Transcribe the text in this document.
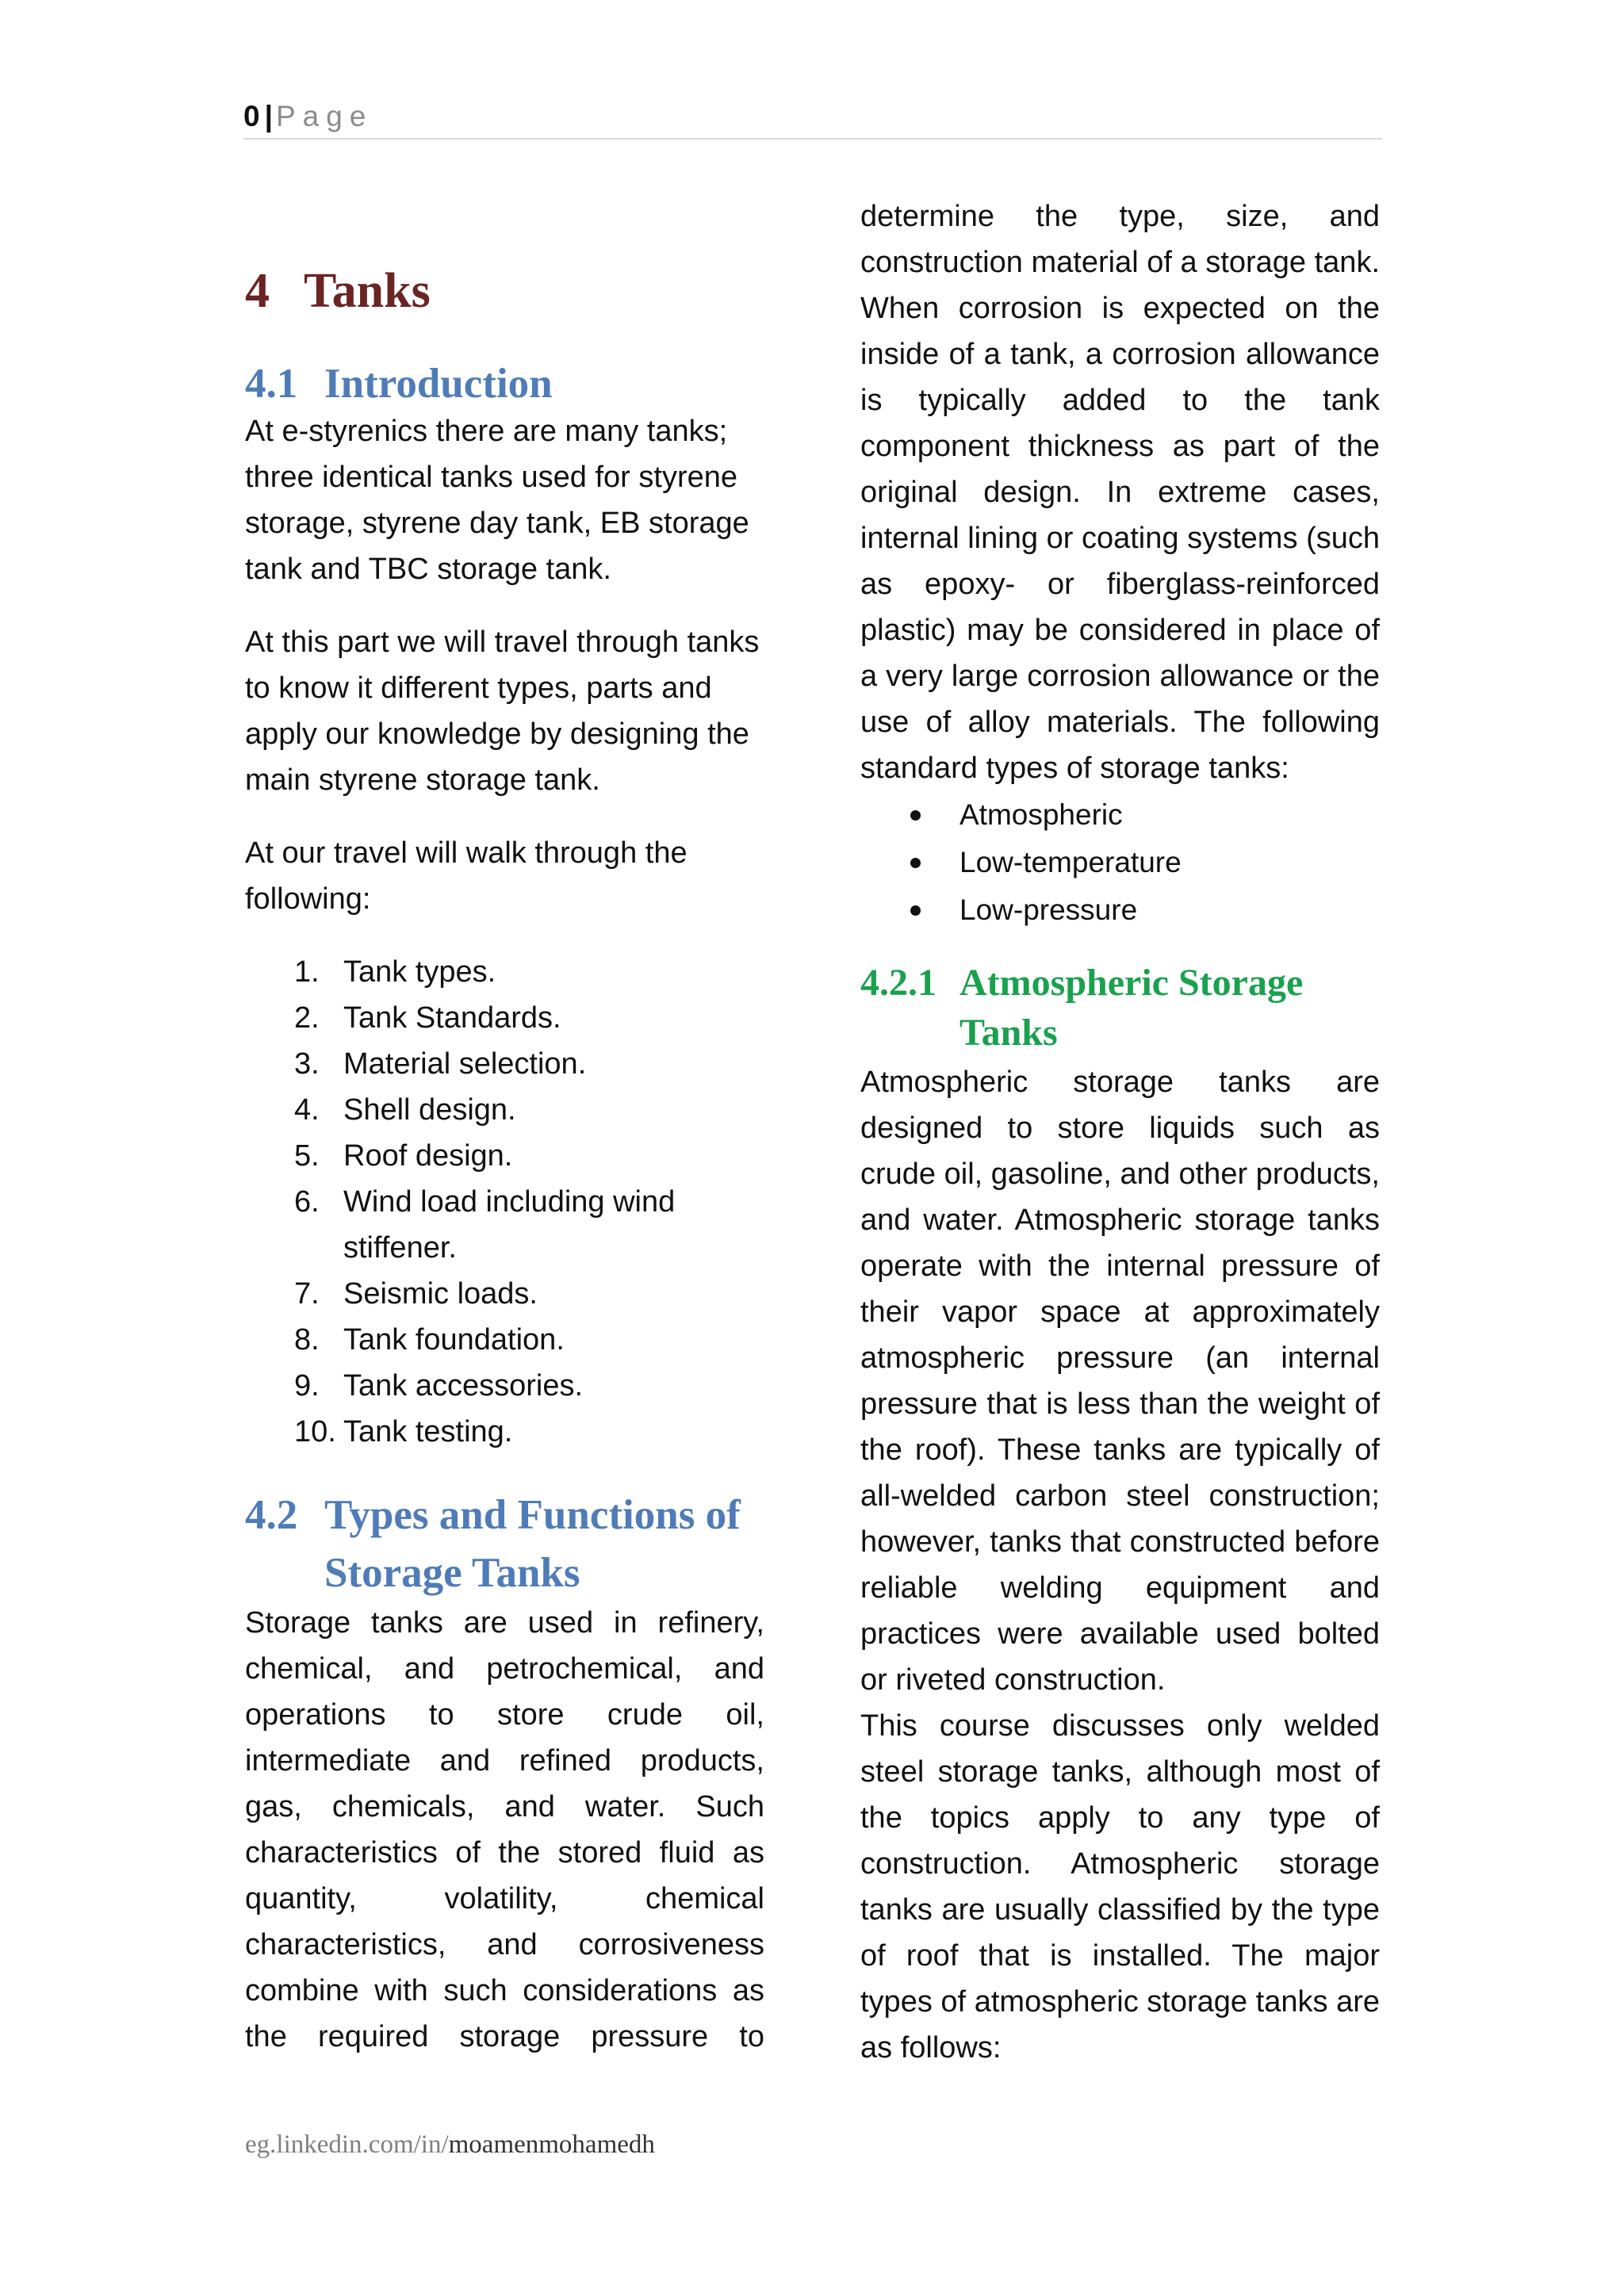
0 | Page
4 Tanks
4.1 Introduction

At e-styrenics there are many tanks; three identical tanks used for styrene storage, styrene day tank, EB storage tank and TBC storage tank.

At this part we will travel through tanks to know it different types, parts and apply our knowledge by designing the main styrene storage tank.

At our travel will walk through the following:

1. Tank types.
2. Tank Standards.
3. Material selection.
4. Shell design.
5. Roof design.
6. Wind load including wind stiffener.
7. Seismic loads.
8. Tank foundation.
9. Tank accessories.
10. Tank testing.
4.2 Types and Functions of Storage Tanks

Storage tanks are used in refinery, chemical, and petrochemical, and operations to store crude oil, intermediate and refined products, gas, chemicals, and water. Such characteristics of the stored fluid as quantity, volatility, chemical characteristics, and corrosiveness combine with such considerations as the required storage pressure to

determine the type, size, and construction material of a storage tank. When corrosion is expected on the inside of a tank, a corrosion allowance is typically added to the tank component thickness as part of the original design. In extreme cases, internal lining or coating systems (such as epoxy- or fiberglass-reinforced plastic) may be considered in place of a very large corrosion allowance or the use of alloy materials. The following standard types of storage tanks:

Atmospheric
Low-temperature
Low-pressure
4.2.1 Atmospheric Storage Tanks

Atmospheric storage tanks are designed to store liquids such as crude oil, gasoline, and other products, and water. Atmospheric storage tanks operate with the internal pressure of their vapor space at approximately atmospheric pressure (an internal pressure that is less than the weight of the roof). These tanks are typically of all-welded carbon steel construction; however, tanks that constructed before reliable welding equipment and practices were available used bolted or riveted construction.

This course discusses only welded steel storage tanks, although most of the topics apply to any type of construction. Atmospheric storage tanks are usually classified by the type of roof that is installed. The major types of atmospheric storage tanks are as follows:

eg.linkedin.com/in/moamenmohamedh
